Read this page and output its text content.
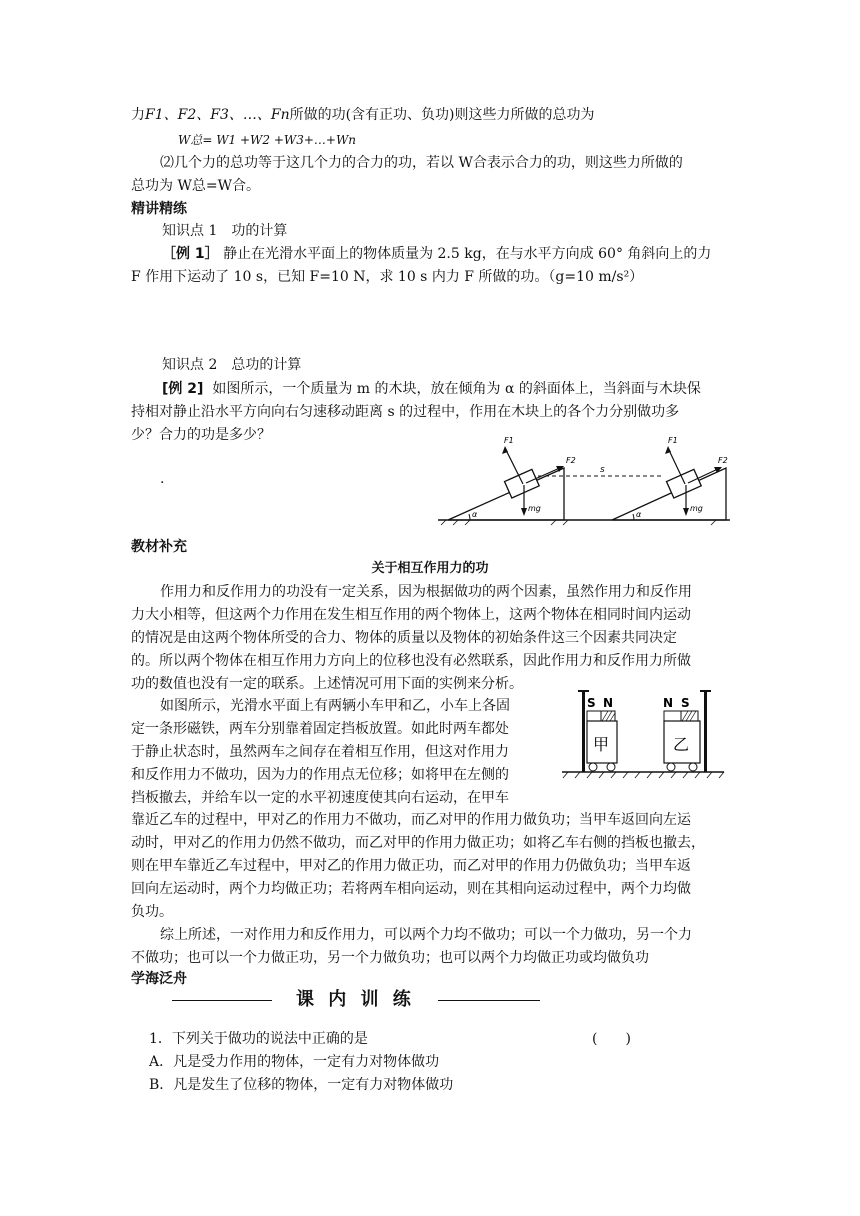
力F1、F2、F3、…、Fn所做的功(含有正功、负功)则这些力所做的总功为
W总= W1 +W2 +W3+…+Wn
⑵几个力的总功等于这几个力的合力的功，若以 W合表示合力的功，则这些力所做的
总功为 W总=W合。
精讲精练
知识点 1　功的计算
［例 1］ 静止在光滑水平面上的物体质量为 2.5 kg，在与水平方向成 60° 角斜向上的力
F 作用下运动了 10 s，已知 F=10 N，求 10 s 内力 F 所做的功。（g=10 m/s²）
知识点 2　总功的计算
[例 2] 如图所示，一个质量为 m 的木块，放在倾角为 α 的斜面体上，当斜面与木块保
持相对静止沿水平方向向右匀速移动距离 s 的过程中，作用在木块上的各个力分别做功多
少？合力的功是多少？
.
α
F1
F2
mg
s
α
F1
F2
mg
教材补充
关于相互作用力的功
作用力和反作用力的功没有一定关系，因为根据做功的两个因素，虽然作用力和反作用
力大小相等，但这两个力作用在发生相互作用的两个物体上，这两个物体在相同时间内运动
的情况是由这两个物体所受的合力、物体的质量以及物体的初始条件这三个因素共同决定
的。所以两个物体在相互作用力方向上的位移也没有必然联系，因此作用力和反作用力所做
功的数值也没有一定的联系。上述情况可用下面的实例来分析。
如图所示，光滑水平面上有两辆小车甲和乙，小车上各固
定一条形磁铁，两车分别靠着固定挡板放置。如此时两车都处
于静止状态时，虽然两车之间存在着相互作用，但这对作用力
和反作用力不做功，因为力的作用点无位移；如将甲在左侧的
挡板撤去，并给车以一定的水平初速度使其向右运动，在甲车
S N
甲
N S
乙
靠近乙车的过程中，甲对乙的作用力不做功，而乙对甲的作用力做负功；当甲车返回向左运
动时，甲对乙的作用力仍然不做功，而乙对甲的作用力做正功；如将乙车右侧的挡板也撤去，
则在甲车靠近乙车过程中，甲对乙的作用力做正功，而乙对甲的作用力仍做负功；当甲车返
回向左运动时，两个力均做正功；若将两车相向运动，则在其相向运动过程中，两个力均做
负功。
综上所述，一对作用力和反作用力，可以两个力均不做功；可以一个力做功，另一个力
不做功；也可以一个力做正功，另一个力做负功；也可以两个力均做正功或均做负功
学海泛舟
课 内 训 练
1．下列关于做功的说法中正确的是	(　　)
A．凡是受力作用的物体，一定有力对物体做功
B．凡是发生了位移的物体，一定有力对物体做功
